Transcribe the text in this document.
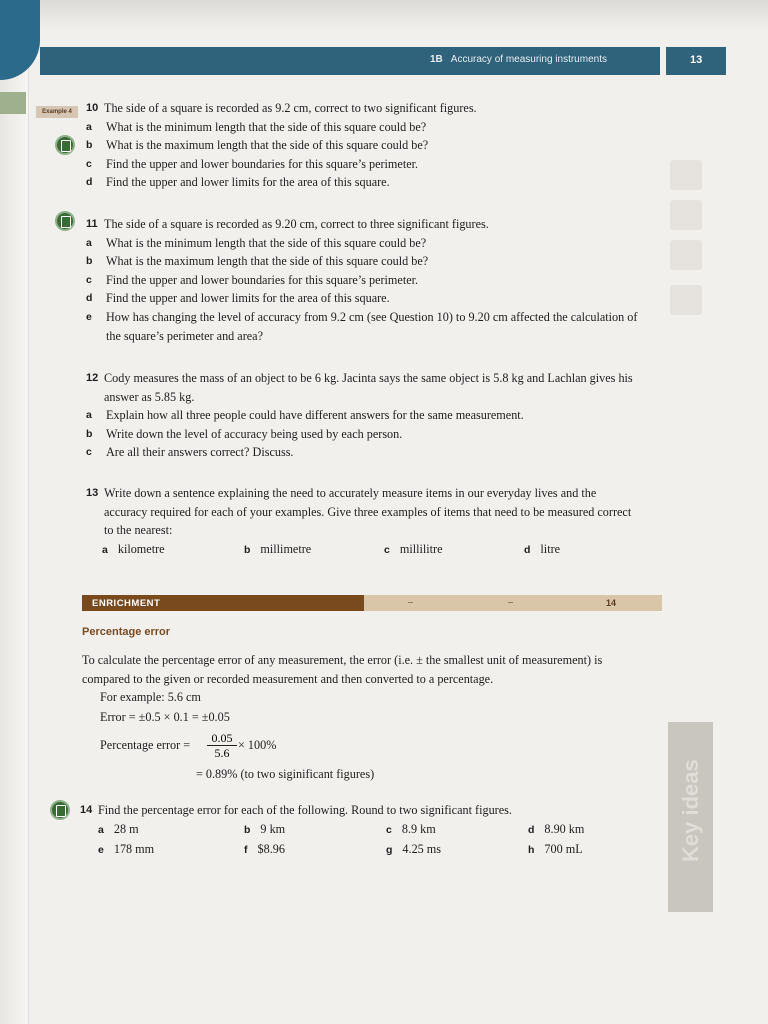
1B Accuracy of measuring instruments	13
Example 4	10 The side of a square is recorded as 9.2 cm, correct to two significant figures.
a What is the minimum length that the side of this square could be?
b What is the maximum length that the side of this square could be?
c Find the upper and lower boundaries for this square’s perimeter.
d Find the upper and lower limits for the area of this square.
11 The side of a square is recorded as 9.20 cm, correct to three significant figures.
a What is the minimum length that the side of this square could be?
b What is the maximum length that the side of this square could be?
c Find the upper and lower boundaries for this square’s perimeter.
d Find the upper and lower limits for the area of this square.
e How has changing the level of accuracy from 9.2 cm (see Question 10) to 9.20 cm affected the calculation of the square’s perimeter and area?
12 Cody measures the mass of an object to be 6 kg. Jacinta says the same object is 5.8 kg and Lachlan gives his answer as 5.85 kg.
a Explain how all three people could have different answers for the same measurement.
b Write down the level of accuracy being used by each person.
c Are all their answers correct? Discuss.
13 Write down a sentence explaining the need to accurately measure items in our everyday lives and the accuracy required for each of your examples. Give three examples of items that need to be measured correct to the nearest:
a kilometre	b millimetre	c millilitre	d litre
ENRICHMENT	–	–	14
Percentage error
To calculate the percentage error of any measurement, the error (i.e. ± the smallest unit of measurement) is compared to the given or recorded measurement and then converted to a percentage.
For example: 5.6 cm
Error = ±0.5 × 0.1 = ±0.05
Percentage error = $\frac{0.05}{5.6} \times 100\%$
= 0.89% (to two siginificant figures)
14 Find the percentage error for each of the following. Round to two significant figures.
a 28 m	b 9 km	c 8.9 km	d 8.90 km
e 178 mm	f $8.96	g 4.25 ms	h 700 mL	Key ideas
